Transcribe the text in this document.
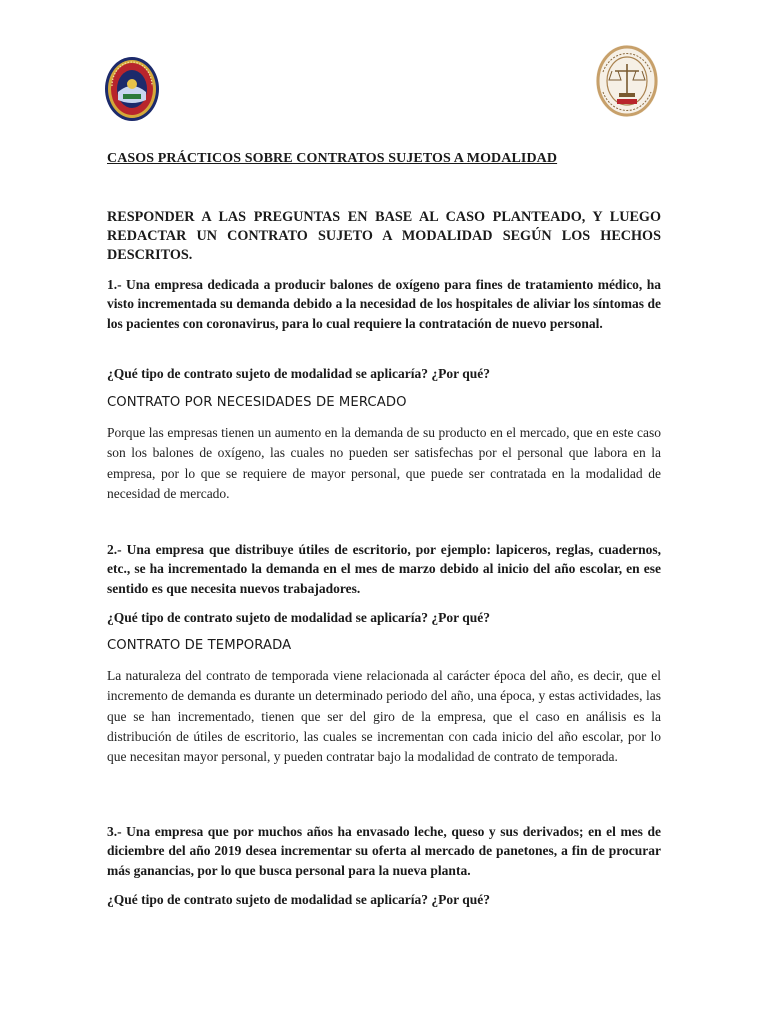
CASOS PRÁCTICOS SOBRE CONTRATOS SUJETOS A MODALIDAD
RESPONDER A LAS PREGUNTAS EN BASE AL CASO PLANTEADO, Y LUEGO REDACTAR UN CONTRATO SUJETO A MODALIDAD SEGÚN LOS HECHOS DESCRITOS.
1.- Una empresa dedicada a producir balones de oxígeno para fines de tratamiento médico, ha visto incrementada su demanda debido a la necesidad de los hospitales de aliviar los síntomas de los pacientes con coronavirus, para lo cual requiere la contratación de nuevo personal.
¿Qué tipo de contrato sujeto de modalidad se aplicaría? ¿Por qué?
CONTRATO POR NECESIDADES DE MERCADO
Porque las empresas tienen un aumento en la demanda de su producto en el mercado, que en este caso son los balones de oxígeno, las cuales no pueden ser satisfechas por el personal que labora en la empresa, por lo que se requiere de mayor personal, que puede ser contratada en la modalidad de necesidad de mercado.
2.- Una empresa que distribuye útiles de escritorio, por ejemplo: lapiceros, reglas, cuadernos, etc., se ha incrementado la demanda en el mes de marzo debido al inicio del año escolar, en ese sentido es que necesita nuevos trabajadores.
¿Qué tipo de contrato sujeto de modalidad se aplicaría? ¿Por qué?
CONTRATO DE TEMPORADA
La naturaleza del contrato de temporada viene relacionada al carácter época del año, es decir, que el incremento de demanda es durante un determinado periodo del año, una época, y estas actividades, las que se han incrementado, tienen que ser del giro de la empresa, que el caso en análisis es la distribución de útiles de escritorio, las cuales se incrementan con cada inicio del año escolar, por lo que necesitan mayor personal, y pueden contratar bajo la modalidad de contrato de temporada.
3.- Una empresa que por muchos años ha envasado leche, queso y sus derivados; en el mes de diciembre del año 2019 desea incrementar su oferta al mercado de panetones, a fin de procurar más ganancias, por lo que busca personal para la nueva planta.
¿Qué tipo de contrato sujeto de modalidad se aplicaría? ¿Por qué?
